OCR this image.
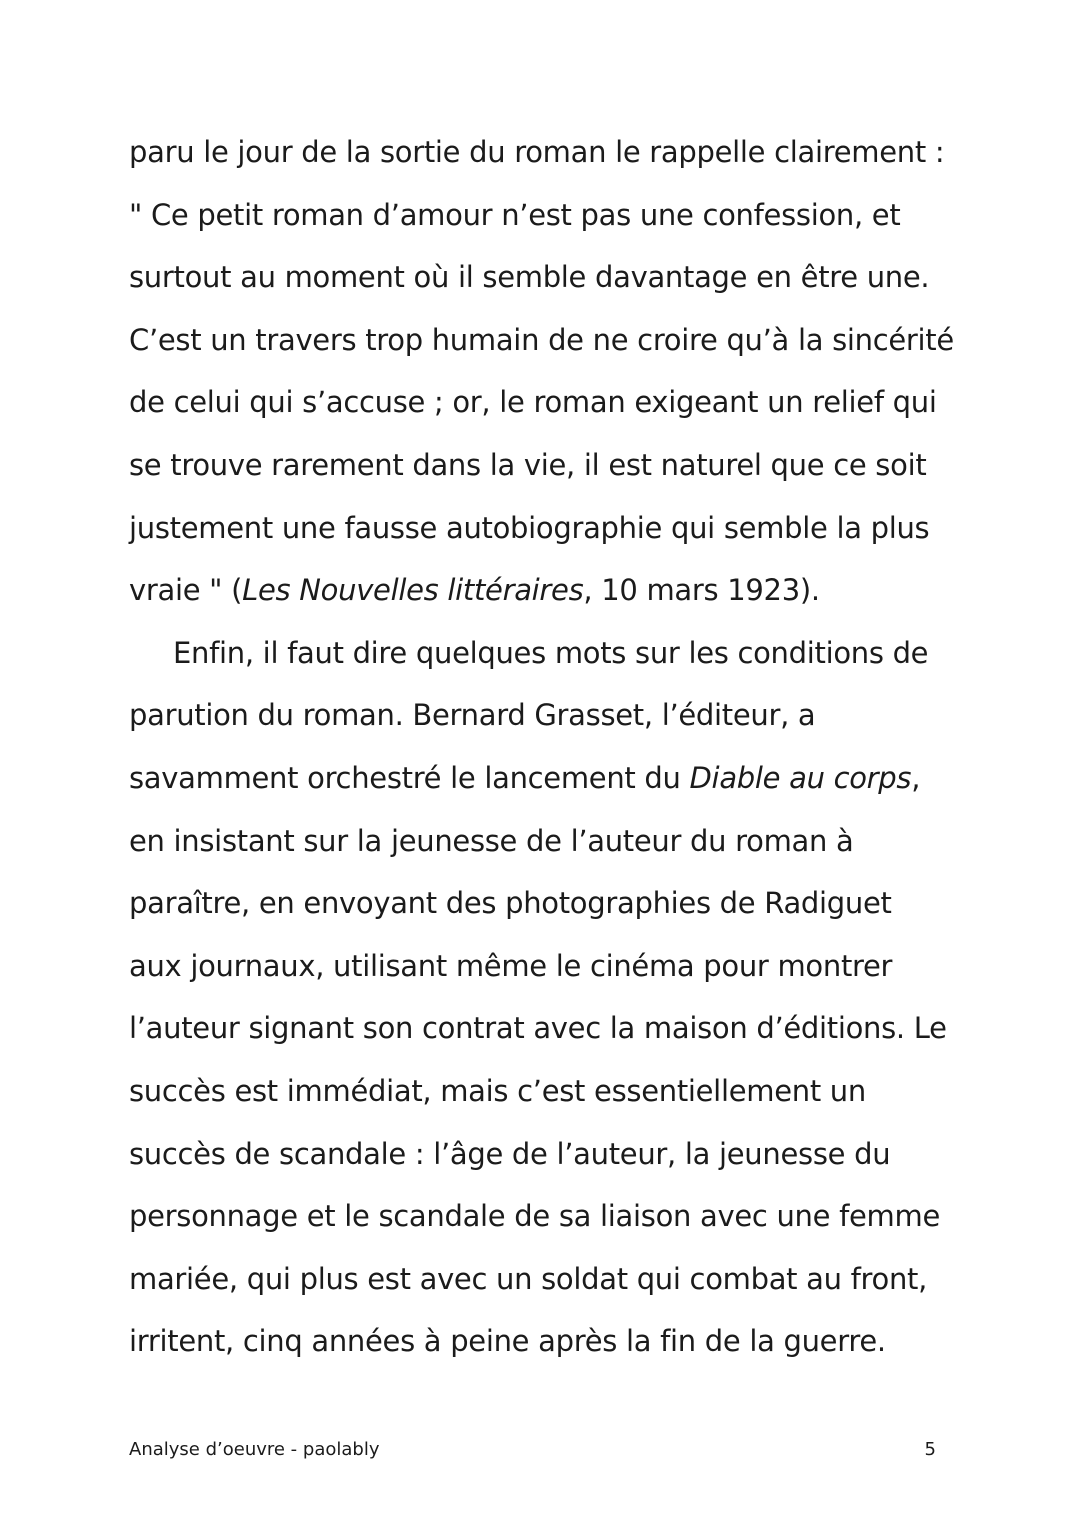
paru le jour de la sortie du roman le rappelle clairement :
" Ce petit roman d’amour n’est pas une confession, et
surtout au moment où il semble davantage en être une.
C’est un travers trop humain de ne croire qu’à la sincérité
de celui qui s’accuse ; or, le roman exigeant un relief qui
se trouve rarement dans la vie, il est naturel que ce soit
justement une fausse autobiographie qui semble la plus
vraie " (Les Nouvelles littéraires, 10 mars 1923).
Enfin, il faut dire quelques mots sur les conditions de
parution du roman. Bernard Grasset, l’éditeur, a
savamment orchestré le lancement du Diable au corps,
en insistant sur la jeunesse de l’auteur du roman à
paraître, en envoyant des photographies de Radiguet
aux journaux, utilisant même le cinéma pour montrer
l’auteur signant son contrat avec la maison d’éditions. Le
succès est immédiat, mais c’est essentiellement un
succès de scandale : l’âge de l’auteur, la jeunesse du
personnage et le scandale de sa liaison avec une femme
mariée, qui plus est avec un soldat qui combat au front,
irritent, cinq années à peine après la fin de la guerre.
Analyse d’oeuvre - paolably	5
